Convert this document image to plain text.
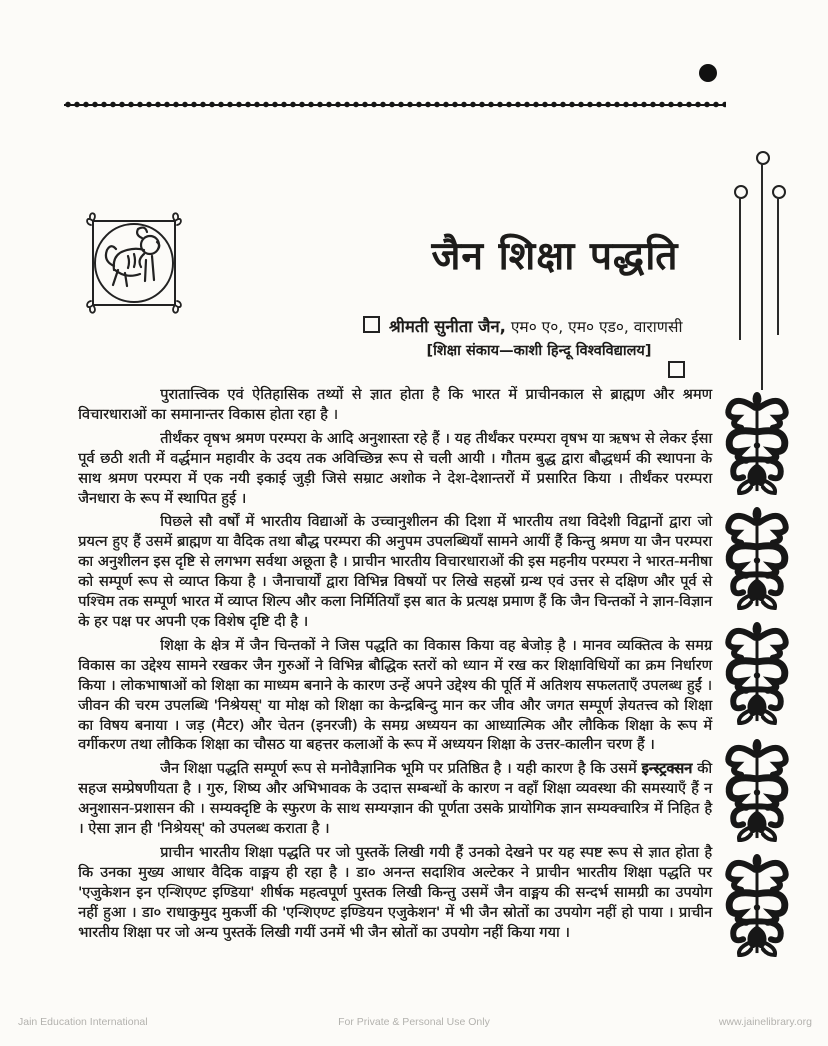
जैन शिक्षा पद्धति
श्रीमती सुनीता जैन, एम० ए०, एम० एड०, वाराणसी
[शिक्षा संकाय—काशी हिन्दू विश्वविद्यालय]

पुरातात्त्विक एवं ऐतिहासिक तथ्यों से ज्ञात होता है कि भारत में प्राचीनकाल से ब्राह्मण और श्रमण विचारधाराओं का समानान्तर विकास होता रहा है ।

तीर्थंकर वृषभ श्रमण परम्परा के आदि अनुशास्ता रहे हैं । यह तीर्थंकर परम्परा वृषभ या ऋषभ से लेकर ईसा पूर्व छठी शती में वर्द्धमान महावीर के उदय तक अविच्छिन्न रूप से चली आयी । गौतम बुद्ध द्वारा बौद्धधर्म की स्थापना के साथ श्रमण परम्परा में एक नयी इकाई जुड़ी जिसे सम्राट अशोक ने देश-देशान्तरों में प्रसारित किया । तीर्थंकर परम्परा जैनधारा के रूप में स्थापित हुई ।

पिछले सौ वर्षों में भारतीय विद्याओं के उच्चानुशीलन की दिशा में भारतीय तथा विदेशी विद्वानों द्वारा जो प्रयत्न हुए हैं उसमें ब्राह्मण या वैदिक तथा बौद्ध परम्परा की अनुपम उपलब्धियाँ सामने आयीं हैं किन्तु श्रमण या जैन परम्परा का अनुशीलन इस दृष्टि से लगभग सर्वथा अछूता है । प्राचीन भारतीय विचारधाराओं की इस महनीय परम्परा ने भारत-मनीषा को सम्पूर्ण रूप से व्याप्त किया है । जैनाचार्यों द्वारा विभिन्न विषयों पर लिखे सहस्रों ग्रन्थ एवं उत्तर से दक्षिण और पूर्व से पश्चिम तक सम्पूर्ण भारत में व्याप्त शिल्प और कला निर्मितियाँ इस बात के प्रत्यक्ष प्रमाण हैं कि जैन चिन्तकों ने ज्ञान-विज्ञान के हर पक्ष पर अपनी एक विशेष दृष्टि दी है ।

शिक्षा के क्षेत्र में जैन चिन्तकों ने जिस पद्धति का विकास किया वह बेजोड़ है । मानव व्यक्तित्व के समग्र विकास का उद्देश्य सामने रखकर जैन गुरुओं ने विभिन्न बौद्धिक स्तरों को ध्यान में रख कर शिक्षाविधियों का क्रम निर्धारण किया । लोकभाषाओं को शिक्षा का माध्यम बनाने के कारण उन्हें अपने उद्देश्य की पूर्ति में अतिशय सफलताएँ उपलब्ध हुईं । जीवन की चरम उपलब्धि 'निश्रेयस्' या मोक्ष को शिक्षा का केन्द्रबिन्दु मान कर जीव और जगत सम्पूर्ण ज्ञेयतत्त्व को शिक्षा का विषय बनाया । जड़ (मैटर) और चेतन (इनरजी) के समग्र अध्ययन का आध्यात्मिक और लौकिक शिक्षा के रूप में वर्गीकरण तथा लौकिक शिक्षा का चौसठ या बहत्तर कलाओं के रूप में अध्ययन शिक्षा के उत्तर-कालीन चरण हैं ।

जैन शिक्षा पद्धति सम्पूर्ण रूप से मनोवैज्ञानिक भूमि पर प्रतिष्ठित है । यही कारण है कि उसमें इन्स्ट्रक्सन की सहज सम्प्रेषणीयता है । गुरु, शिष्य और अभिभावक के उदात्त सम्बन्धों के कारण न वहाँ शिक्षा व्यवस्था की समस्याएँ हैं न अनुशासन-प्रशासन की । सम्यक्दृष्टि के स्फुरण के साथ सम्यग्ज्ञान की पूर्णता उसके प्रायोगिक ज्ञान सम्यक्चारित्र में निहित है । ऐसा ज्ञान ही 'निश्रेयस्' को उपलब्ध कराता है ।

प्राचीन भारतीय शिक्षा पद्धति पर जो पुस्तकें लिखी गयी हैं उनको देखने पर यह स्पष्ट रूप से ज्ञात होता है कि उनका मुख्य आधार वैदिक वाङ्मय ही रहा है । डा० अनन्त सदाशिव अल्टेकर ने प्राचीन भारतीय शिक्षा पद्धति पर 'एजुकेशन इन एन्शिएण्ट इण्डिया' शीर्षक महत्वपूर्ण पुस्तक लिखी किन्तु उसमें जैन वाङ्मय की सन्दर्भ सामग्री का उपयोग नहीं हुआ । डा० राधाकुमुद मुकर्जी की 'एन्शिएण्ट इण्डियन एजुकेशन' में भी जैन स्रोतों का उपयोग नहीं हो पाया । प्राचीन भारतीय शिक्षा पर जो अन्य पुस्तकें लिखी गयीं उनमें भी जैन स्रोतों का उपयोग नहीं किया गया ।

Jain Education International	For Private & Personal Use Only	www.jainelibrary.org
